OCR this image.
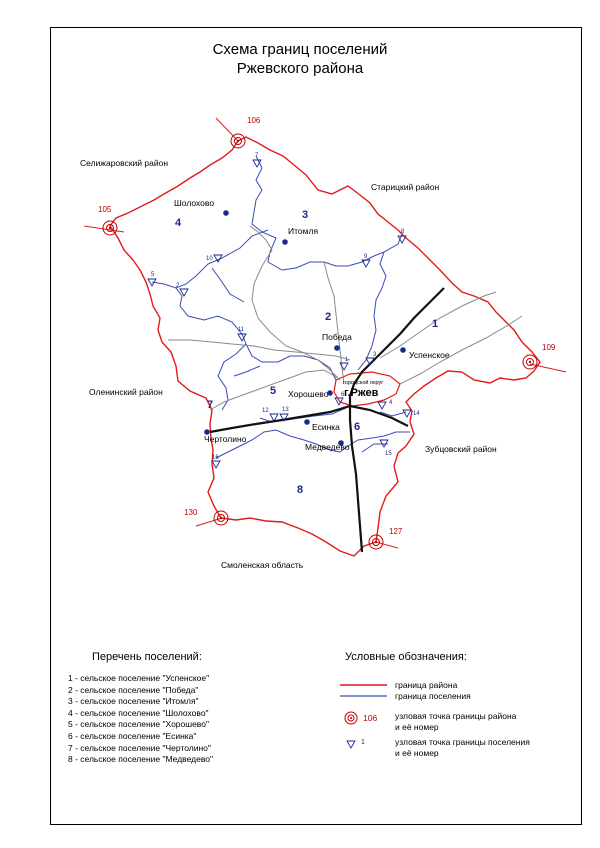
Схема границ поселений
Ржевского района
106
105
109
130
127
1
2
3
4
5
6
7
8
9
10
11
12 13
14
15
16
Шолохово
Итомля
Победа
Успенское
Хорошево
Чертолино
Есинка
Медведево
городской округ
г.Ржев
1
2
3
4
5
6
7
8
Селижаровский район
Старицкий район
Оленинский район
Зубцовский район
Смоленская область
Перечень поселений:
1 - сельское поселение "Успенское"
2 - сельское поселение "Победа"
3 - сельское поселение "Итомля"
4 - сельское поселение "Шолохово"
5 - сельское поселение "Хорошево"
6 - сельское поселение "Есинка"
7 - сельское поселение "Чертолино"
8 - сельское поселение "Медведево"
Условные обозначения:
106
1
граница района
граница поселения
узловая точка границы района
и её номер
узловая точка границы поселения
и её номер
